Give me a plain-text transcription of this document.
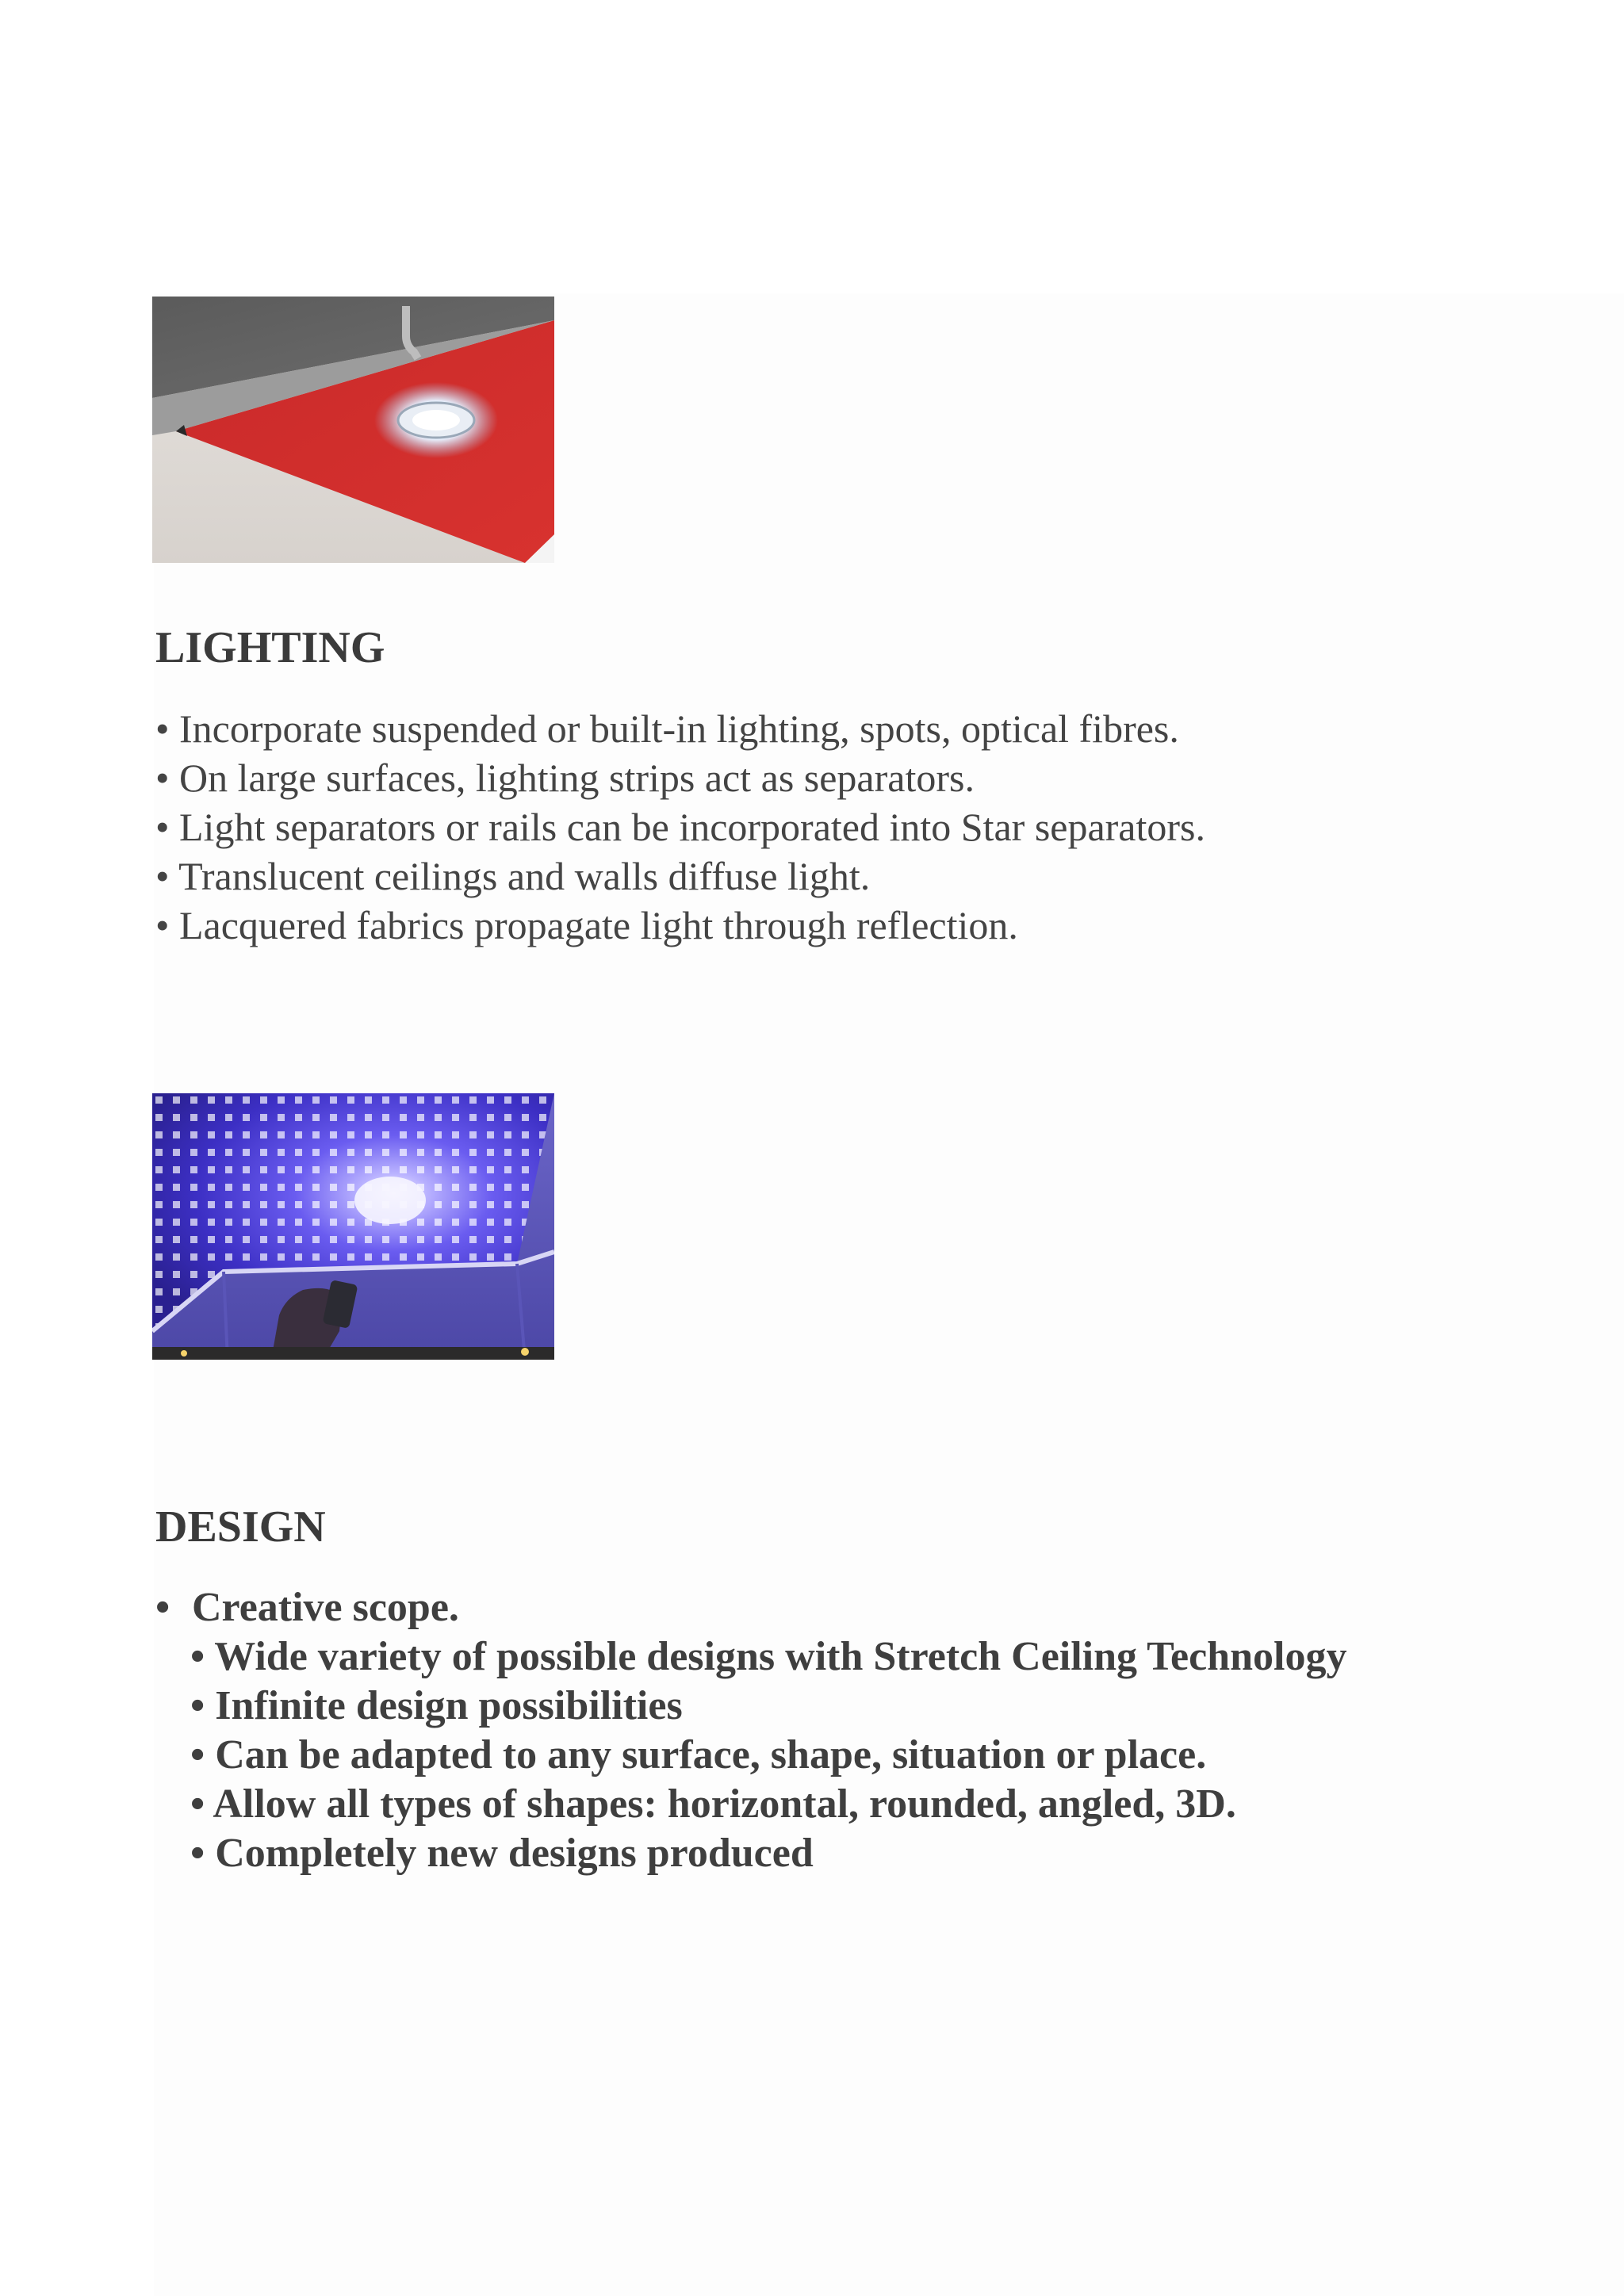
LIGHTING
• Incorporate suspended or built-in lighting, spots, optical fibres.
• On large surfaces, lighting strips act as separators.
• Light separators or rails can be incorporated into Star separators.
• Translucent ceilings and walls diffuse light.
• Lacquered fabrics propagate light through reflection.
DESIGN
• Creative scope.
• Wide variety of possible designs with Stretch Ceiling Technology
• Infinite design possibilities
• Can be adapted to any surface, shape, situation or place.
• Allow all types of shapes: horizontal, rounded, angled, 3D.
• Completely new designs produced
